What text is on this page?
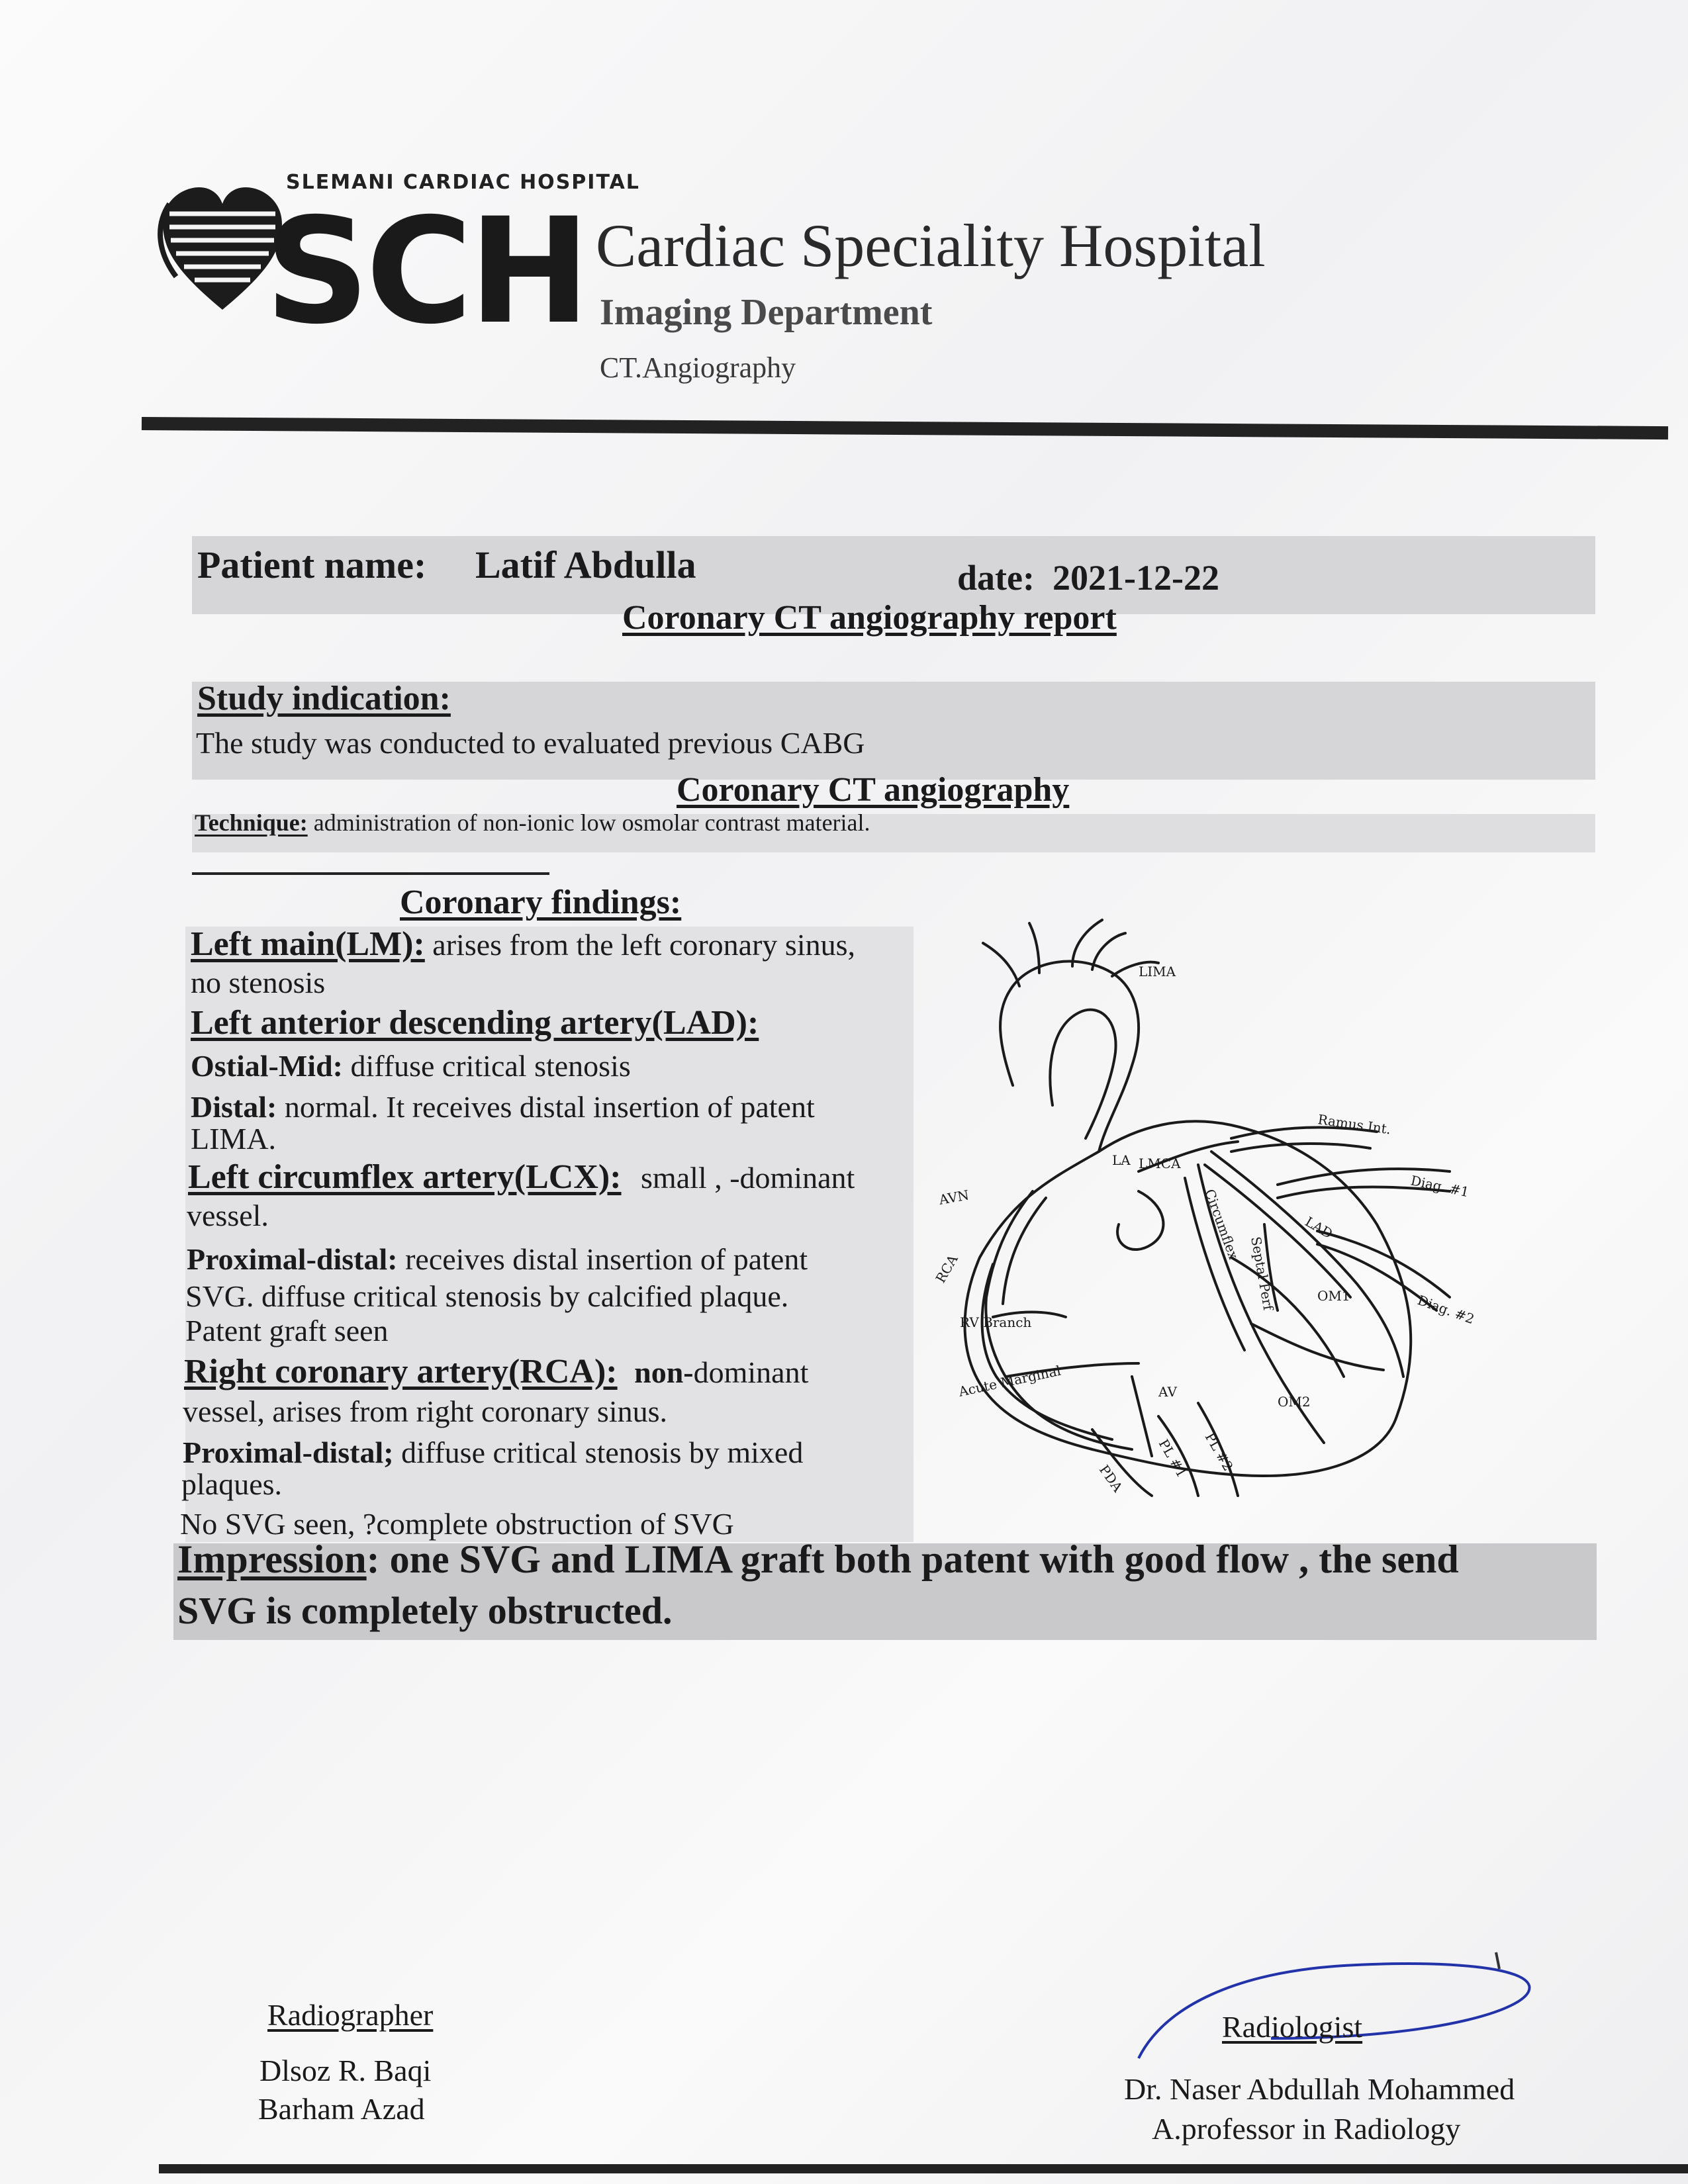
SLEMANI CARDIAC HOSPITAL
SCH Cardiac Speciality Hospital
Imaging Department
CT.Angiography
Patient name: Latif Abdulla	date: 2021-12-22
Coronary CT angiography report
Study indication:
The study was conducted to evaluated previous CABG
Coronary CT angiography
Technique: administration of non-ionic low osmolar contrast material.
Coronary findings:
Left main(LM): arises from the left coronary sinus,
no stenosis
Left anterior descending artery(LAD):
Ostial-Mid: diffuse critical stenosis
Distal: normal. It receives distal insertion of patent
LIMA.
Left circumflex artery(LCX): small , -dominant
vessel.
Proximal-distal: receives distal insertion of patent
SVG. diffuse critical stenosis by calcified plaque.
Patent graft seen
Right coronary artery(RCA): non-dominant
vessel, arises from right coronary sinus.
Proximal-distal; diffuse critical stenosis by mixed
plaques.
No SVG seen, ?complete obstruction of SVG
LIMA
Ramus Int.
LA LMCA
Diag. #1
LAD
Circumflex
Septal Perf
AVN
RCA
OM1	Diag. #2
RV Branch
Acute Marginal	AV
OM2
PDA PL #1 PL #2
Impression: one SVG and LIMA graft both patent with good flow , the send
SVG is completely obstructed.
Radiographer
Dlsoz R. Baqi
Barham Azad
Radiologist
Dr. Naser Abdullah Mohammed
A.professor in Radiology
